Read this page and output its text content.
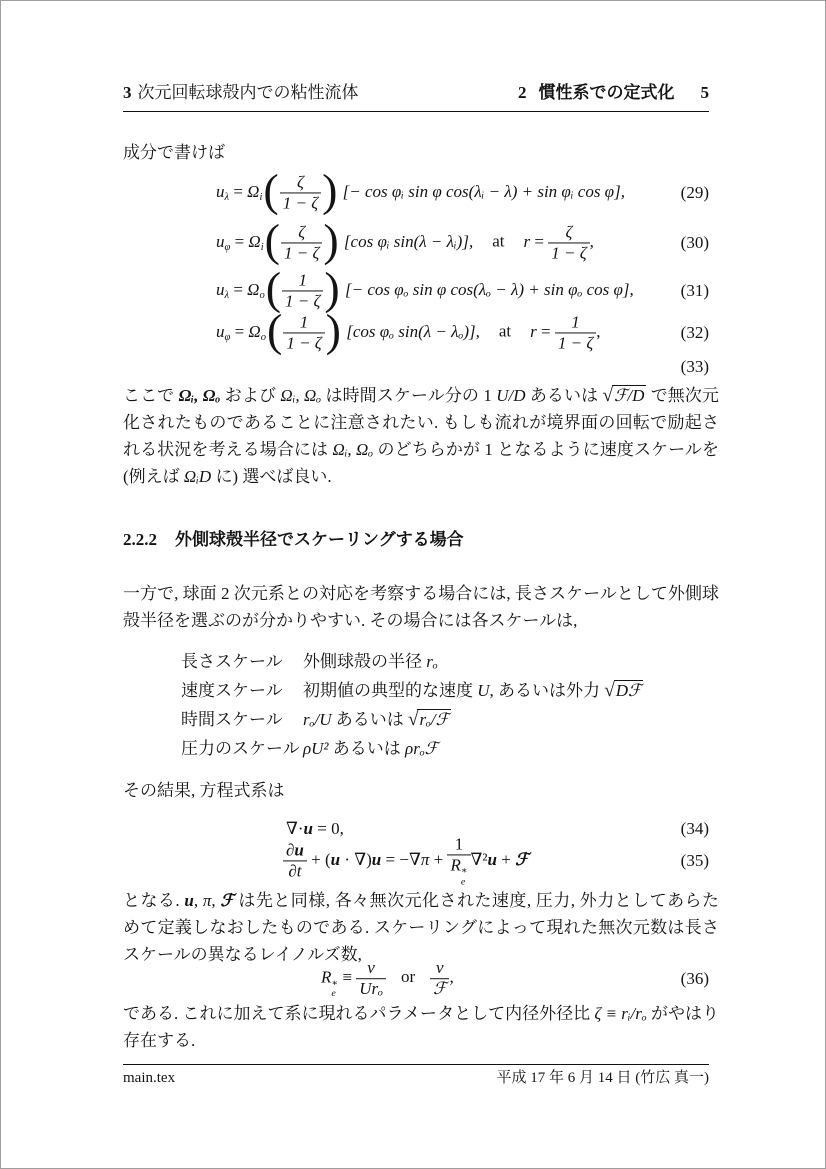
3 次元回転球殻内での粘性流体	2 慣性系での定式化 5
成分で書けば
$u_\lambda = \Omega_i( \frac{\zeta}{1 - \zeta}$ ) [− cos φᵢ sin φ cos(λᵢ − λ) + sin φᵢ cos φ],	(29)
$u_\varphi = \Omega_i( \frac{\zeta}{1 - \zeta}$ ) [cos φᵢ sin(λ − λᵢ)], at $r = \frac{\zeta}{1 - \zeta}$ ,	(30)
$u_\lambda = \Omega_o( \frac{1}{1 - \zeta}$ ) [− cos φₒ sin φ cos(λₒ − λ) + sin φₒ cos φ],	(31)
$u_\varphi = \Omega_o( \frac{1}{1 - \zeta}$ ) [cos φₒ sin(λ − λₒ)], at $r = \frac{1}{1 - \zeta}$ ,	(32)
(33)
ここで Ωᵢ, Ωₒ および Ωᵢ, Ωₒ は時間スケール分の 1 U/D あるいは √ℱ/D で無次元化されたものであることに注意されたい. もしも流れが境界面の回転で励起される状況を考える場合には Ωᵢ, Ωₒ のどちらかが 1 となるように速度スケールを (例えば ΩᵢD に) 選べば良い.
2.2.2 外側球殻半径でスケーリングする場合
一方で, 球面 2 次元系との対応を考察する場合には, 長さスケールとして外側球殻半径を選ぶのが分かりやすい. その場合には各スケールは,
長さスケール	外側球殻の半径 rₒ
速度スケール	初期値の典型的な速度 U, あるいは外力 √Dℱ
時間スケール	rₒ/U あるいは √rₒ/ℱ
圧力のスケール ρU² あるいは ρrₒℱ
その結果, 方程式系は
∇·u = 0,	(34)
$\frac{\partial u}{\partial t} + (u \cdot \nabla)u = -\nabla\pi + 1$
R ∗
e ∇²u + ℱ	(35)
となる. u, π, ℱ は先と同様, 各々無次元化された速度, 圧力, 外力としてあらためて定義しなおしたものである. スケーリングによって現れた無次元数は長さスケールの異なるレイノルズ数,
R ∗
e
≡ $\frac{\nu}{\text{Urₒ}}$ or $\frac{\nu}{\text{ℱ}}$ ,	(36)
である. これに加えて系に現れるパラメータとして内径外径比 ζ ≡ rᵢ/rₒ がやはり存在する.
main.tex	平成 17 年 6 月 14 日 (竹広 真一)
